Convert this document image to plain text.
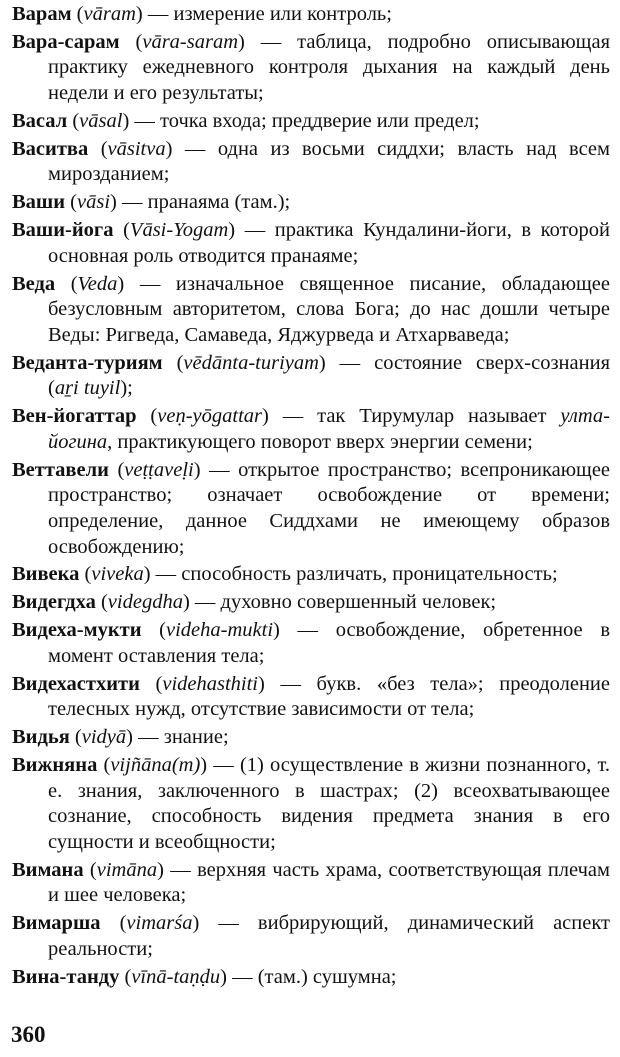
Варам (vāram) — измерение или контроль;

Вара-сарам (vāra-saram) — таблица, подробно описывающая практику ежедневного контроля дыхания на каждый день недели и его результаты;

Васал (vāsal) — точка входа; преддверие или предел;

Васитва (vāsitva) — одна из восьми сиддхи; власть над всем мирозданием;

Ваши (vāsi) — пранаяма (там.);

Ваши-йога (Vāsi-Yogam) — практика Кундалини-йоги, в которой основная роль отводится пранаяме;

Веда (Veda) — изначальное священное писание, обладающее безусловным авторитетом, слова Бога; до нас дошли четыре Веды: Ригведа, Самаведа, Яджурведа и Атхарваведа;

Веданта-туриям (vēdānta-turiyam) — состояние сверх-сознания (aṟi tuyil);

Вен-йогаттар (veṇ-yōgattar) — так Тирумулар называет улта-йогина, практикующего поворот вверх энергии семени;

Веттавели (veṭṭaveḷi) — открытое пространство; всепроникающее пространство; означает освобождение от времени; определение, данное Сиддхами не имеющему образов освобождению;

Вивека (viveka) — способность различать, проницательность;

Видегдха (videgdha) — духовно совершенный человек;

Видеха-мукти (videha-mukti) — освобождение, обретенное в момент оставления тела;

Видехастхити (videhasthiti) — букв. «без тела»; преодоление телесных нужд, отсутствие зависимости от тела;

Видья (vidyā) — знание;

Вижняна (vijñāna(m)) — (1) осуществление в жизни познанного, т. е. знания, заключенного в шастрах; (2) всеохватывающее сознание, способность видения предмета знания в его сущности и всеобщности;

Вимана (vimāna) — верхняя часть храма, соответствующая плечам и шее человека;

Вимарша (vimarśa) — вибрирующий, динамический аспект реальности;

Вина-танду (vīnā-taṇḍu) — (там.) сушумна;

360
